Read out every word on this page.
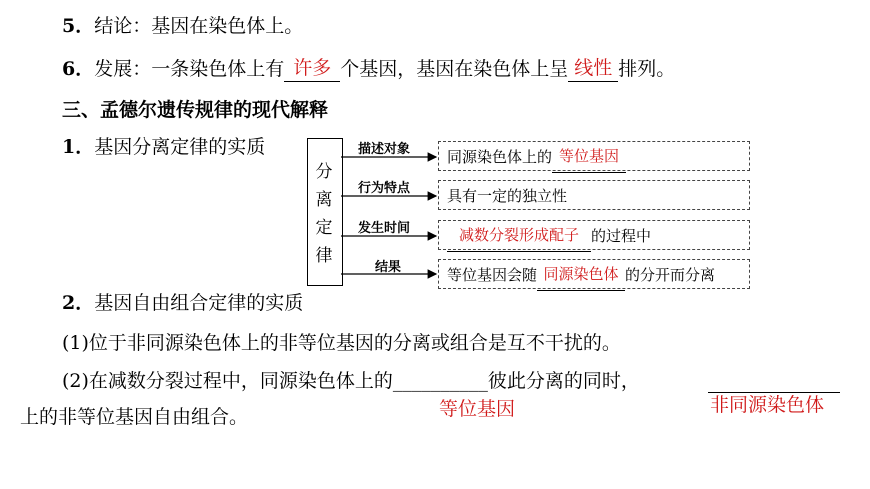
5．结论：基因在染色体上。
6．发展：一条染色体上有 许多 个基因，基因在染色体上呈 线性 排列。
三、孟德尔遗传规律的现代解释
1．基因分离定律的实质
分
离
定
律
描述对象
行为特点
发生时间
结果
同源染色体上的 等位基因
具有一定的独立性
减数分裂形成配子 的过程中
等位基因会随 同源染色体 的分开而分离
2．基因自由组合定律的实质
(1)位于非同源染色体上的非等位基因的分离或组合是互不干扰的。
(2)在减数分裂过程中，同源染色体上的__________彼此分离的同时，
等位基因	非同源染色体
上的非等位基因自由组合。
